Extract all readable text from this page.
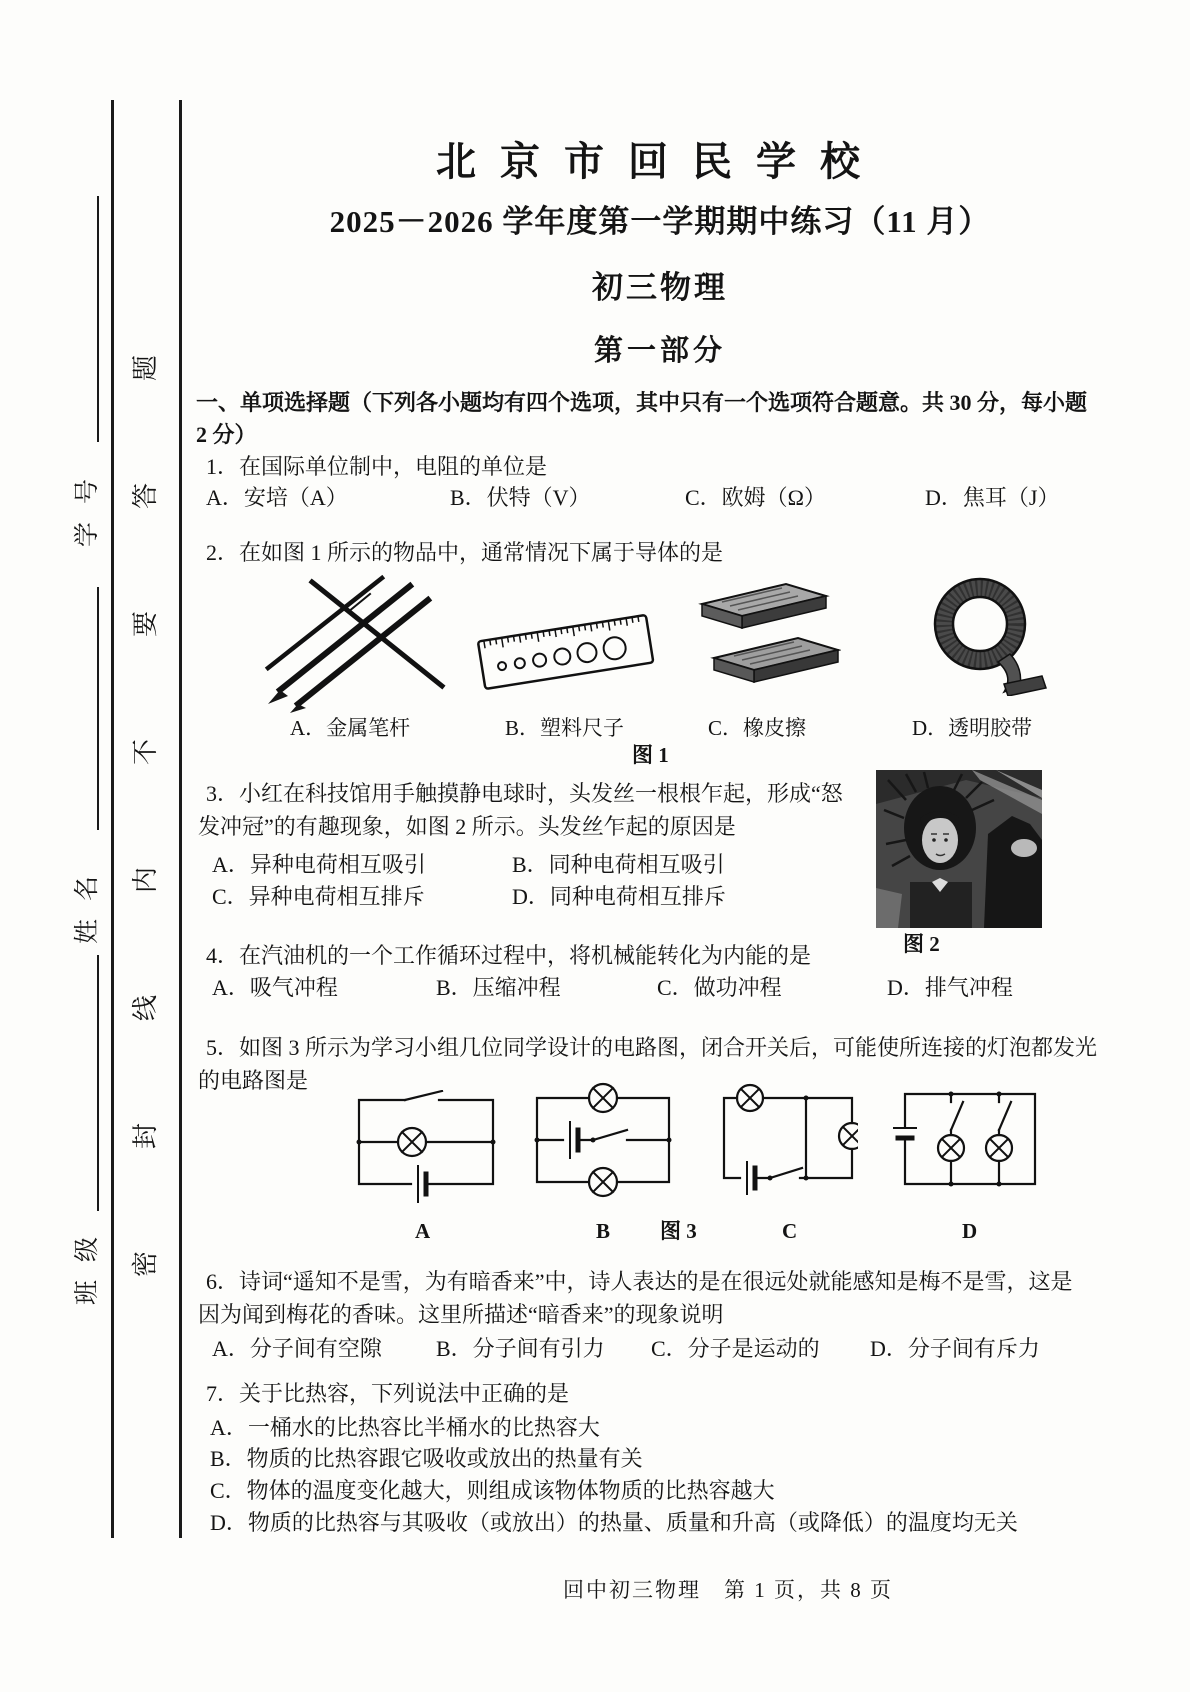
学号
姓名
班级
题
答
要
不
内
线
封
密
北京市回民学校
2025－2026 学年度第一学期期中练习（11 月）
初三物理
第一部分
一、单项选择题（下列各小题均有四个选项，其中只有一个选项符合题意。共 30 分，每小题
2 分）
1．在国际单位制中，电阻的单位是
A．安培（A）	B．伏特（V）	C．欧姆（Ω）	D．焦耳（J）
2．在如图 1 所示的物品中，通常情况下属于导体的是
A．金属笔杆	B．塑料尺子	C．橡皮擦	D．透明胶带
图 1
3．小红在科技馆用手触摸静电球时，头发丝一根根乍起，形成“怒
发冲冠”的有趣现象，如图 2 所示。头发丝乍起的原因是
A．异种电荷相互吸引	B．同种电荷相互吸引
C．异种电荷相互排斥	D．同种电荷相互排斥
图 2
4．在汽油机的一个工作循环过程中，将机械能转化为内能的是
A．吸气冲程	B．压缩冲程	C．做功冲程	D．排气冲程
5．如图 3 所示为学习小组几位同学设计的电路图，闭合开关后，可能使所连接的灯泡都发光
的电路图是
A	B 图 3	C	D
6．诗词“遥知不是雪，为有暗香来”中，诗人表达的是在很远处就能感知是梅不是雪，这是
因为闻到梅花的香味。这里所描述“暗香来”的现象说明
A．分子间有空隙 B．分子间有引力 C．分子是运动的 D．分子间有斥力
7．关于比热容，下列说法中正确的是
A．一桶水的比热容比半桶水的比热容大
B．物质的比热容跟它吸收或放出的热量有关
C．物体的温度变化越大，则组成该物体物质的比热容越大
D．物质的比热容与其吸收（或放出）的热量、质量和升高（或降低）的温度均无关
回中初三物理　第 1 页，共 8 页
